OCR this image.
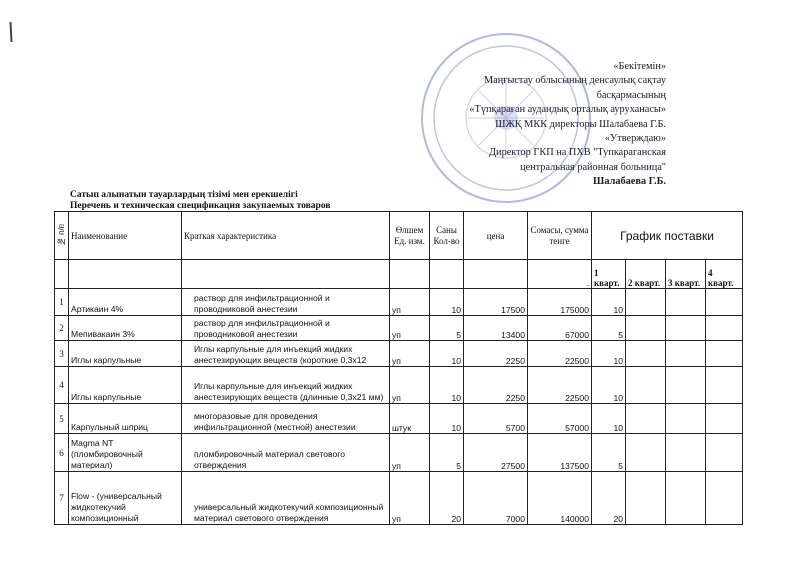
«Бекітемін»
Маңғыстау облысының денсаулық сақтау
басқармасының
«Түпқараған аудандық орталық ауруханасы»
ШЖҚ МКК директоры Шалабаева Г.Б.
«Утверждаю»
Директор ГКП на ПХВ "Тупкараганская
центральная районная больница"
Шалабаева Г.Б.
Сатып алынатын тауарлардың тізімі мен ерекшелігі
Перечень и техническая спецификация закупаемых товаров
№ п/п	Наименование	Краткая характеристика	Өлшем Ед. изм.	Саны Кол-во	цена	Сомасы, сумма тенге	График поставки			
						.	1 кварт.	2 кварт.	3 кварт.	4 кварт.
1	Артикаин 4%	раствор для инфильтрационной и проводниковой анестезии	уп	10	17500	175000	10			
2	Мепивакаин 3%	раствор для инфильтрационной и проводниковой анестезии	уп	5	13400	67000	5			
3	Иглы карпульные	Иглы карпульные для инъекций жидких анестезирующих веществ (короткие 0,3х12	уп	10	2250	22500	10			
4	Иглы карпульные	Иглы карпульные для инъекций жидких анестезирующих веществ (длинные 0,3х21 мм)	уп	10	2250	22500	10			
5	Карпульный шприц	многоразовые для проведения инфильтрационной (местной) анестезии	штук	10	5700	57000	10			
6	Magma NT (пломбировочный материал)	пломбировочный материал светового отверждения	уп	5	27500	137500	5			
7	Flow - (универсальный жидкотекучий композиционный	универсальный жидкотекучий композиционный материал светового отверждения	уп	20	7000	140000	20			
